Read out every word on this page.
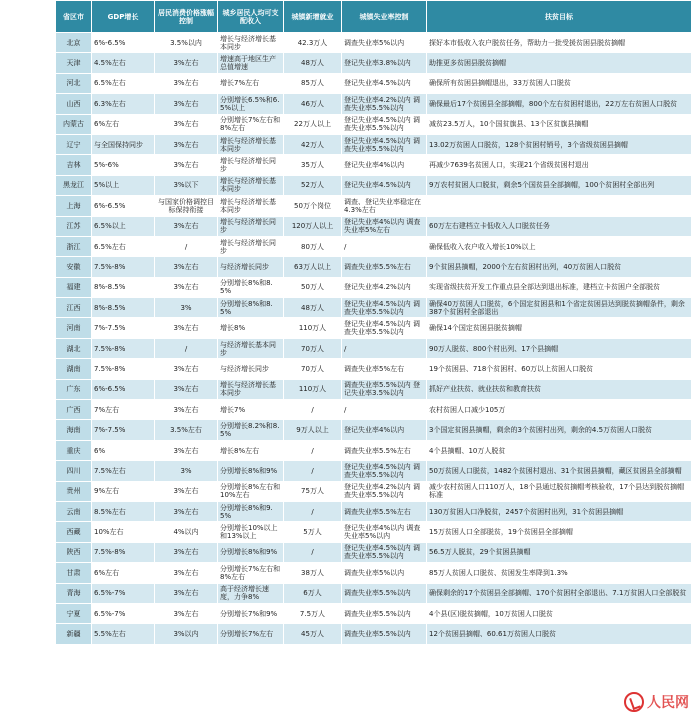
省区市	GDP增长	居民消费价格涨幅控制	城乡居民人均可支配收入	城镇新增就业	城镇失业率控制	扶贫目标
北京	6%-6.5%	3.5%以内	增长与经济增长基本同步	42.3万人	调查失业率5%以内	探好本市低收入农户脱贫任务，帮助力一批受援贫困县脱贫摘帽
天津	4.5%左右	3%左右	增速高于地区生产总值增速	48万人	登记失业率3.8%以内	助推更多贫困县脱贫摘帽
河北	6.5%左右	3%左右	增长7%左右	85万人	登记失业率4.5%以内	确保所有贫困县摘帽退出，33万贫困人口脱贫
山西	6.3%左右	3%左右	分别增长6.5%和6.5%以上	46万人	登记失业率4.2%以内 调查失业率5.5%以内	确保最后17个贫困县全部摘帽，800个左右贫困村退出，22万左右贫困人口脱贫
内蒙古	6%左右	3%左右	分别增长7%左右和8%左右	22万人以上	登记失业率4.5%以内 调查失业率5.5%以内	减贫23.5万人，10个国贫旗县、13个区贫旗县摘帽
辽宁	与全国保持同步	3%左右	增长与经济增长基本同步	42万人	登记失业率4.5%以内 调查失业率5.5%以内	13.02万贫困人口脱贫，128个贫困村销号，3个省级贫困县摘帽
吉林	5%-6%	3%左右	增长与经济增长同步	35万人	登记失业率4%以内	再减少7639名贫困人口，实现21个省级贫困村退出
黑龙江	5%以上	3%以下	增长与经济增长基本同步	52万人	登记失业率4.5%以内	9万农村贫困人口脱贫，剩余5个国贫县全部摘帽，100个贫困村全部出列
上海	6%-6.5%	与国家价格调控目标保持衔接	增长与经济增长基本同步	50万个岗位	调查、登记失业率稳定在4.3%左右	
江苏	6.5%以上	3%左右	增长与经济增长同步	120万人以上	登记失业率4%以内 调查失业率5%左右	60万左右建档立卡低收入人口脱贫任务
浙江	6.5%左右	/	增长与经济增长同步	80万人	/	确保低收入农户收入增长10%以上
安徽	7.5%-8%	3%左右	与经济增长同步	63万人以上	调查失业率5.5%左右	9个贫困县摘帽，2000个左右贫困村出列，40万贫困人口脱贫
福建	8%-8.5%	3%左右	分别增长8%和8.5%	50万人	登记失业率4.2%以内	实现省级扶贫开发工作重点县全部达到退出标准，建档立卡贫困户全部脱贫
江西	8%-8.5%	3%	分别增长8%和8.5%	48万人	登记失业率4.5%以内 调查失业率5.5%以内	确保40万贫困人口脱贫，6个国定贫困县和1个省定贫困县达到脱贫摘帽条件，剩余387个贫困村全部退出
河南	7%-7.5%	3%左右	增长8%	110万人	登记失业率4.5%以内 调查失业率5.5%以内	确保14个国定贫困县脱贫摘帽
湖北	7.5%-8%	/	与经济增长基本同步	70万人	/	90万人脱贫、800个村出列、17个县摘帽
湖南	7.5%-8%	3%左右	与经济增长同步	70万人	调查失业率5%左右	19个贫困县、718个贫困村、60万以上贫困人口脱贫
广东	6%-6.5%	3%左右	增长与经济增长基本同步	110万人	调查失业率5.5%以内 登记失业率3.5%以内	抓好产业扶贫、就业扶贫和教育扶贫
广西	7%左右	3%左右	增长7%	/	/	农村贫困人口减少105万
海南	7%-7.5%	3.5%左右	分别增长8.2%和8.5%	9万人以上	登记失业率4%以内	3个国定贫困县摘帽，剩余的3个贫困村出列，剩余的4.5万贫困人口脱贫
重庆	6%	3%左右	增长8%左右	/	调查失业率5.5%左右	4个县摘帽、10万人脱贫
四川	7.5%左右	3%	分别增长8%和9%	/	登记失业率4.5%以内 调查失业率5.5%以内	50万贫困人口脱贫，1482个贫困村退出、31个贫困县摘帽，藏区贫困县全部摘帽
贵州	9%左右	3%左右	分别增长8%左右和10%左右	75万人	登记失业率4.2%以内 调查失业率5.5%以内	减少农村贫困人口110万人，18个县通过脱贫摘帽考核验收，17个县达到脱贫摘帽标准
云南	8.5%左右	3%左右	分别增长8%和9.5%	/	调查失业率5.5%左右	130万贫困人口净脱贫，2457个贫困村出列，31个贫困县摘帽
西藏	10%左右	4%以内	分别增长10%以上和13%以上	5万人	登记失业率4%以内 调查失业率5%以内	15万贫困人口全部脱贫，19个贫困县全部摘帽
陕西	7.5%-8%	3%左右	分别增长8%和9%	/	登记失业率4.5%以内 调查失业率5.5%以内	56.5万人脱贫，29个贫困县摘帽
甘肃	6%左右	3%左右	分别增长7%左右和8%左右	38万人	调查失业率5%以内	85万人贫困人口脱贫、贫困发生率降到1.3%
青海	6.5%-7%	3%左右	高于经济增长速度，力争8%	6万人	调查失业率5.5%以内	确保剩余的17个贫困县全部摘帽、170个贫困村全部退出、7.1万贫困人口全部脱贫
宁夏	6.5%-7%	3%左右	分别增长7%和9%	7.5万人	调查失业率5.5%以内	4个县(区)脱贫摘帽，10万贫困人口脱贫
新疆	5.5%左右	3%以内	分别增长7%左右	45万人	调查失业率5.5%以内	12个贫困县摘帽、60.61万贫困人口脱贫
人民网
